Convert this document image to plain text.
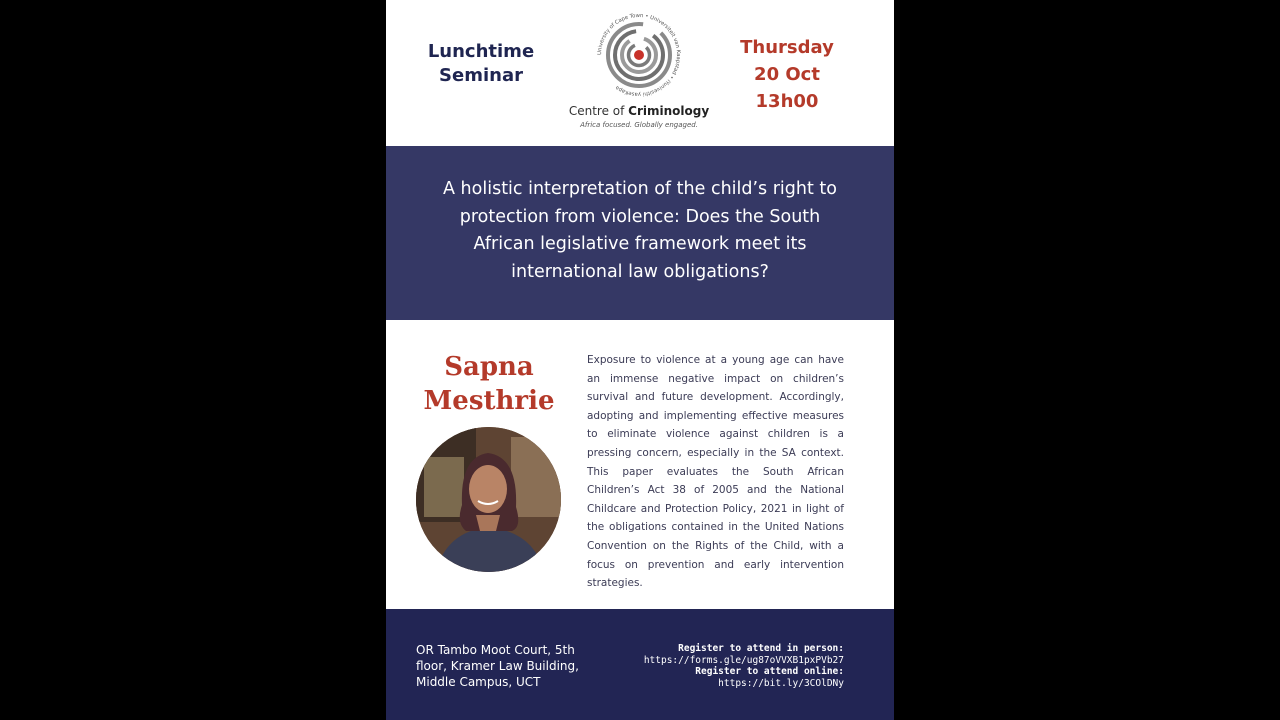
Lunchtime
Seminar
University of Cape Town • Universiteit van Kaapstad • iYunivesithi yaseKapa
Centre of Criminology
Africa focused. Globally engaged.
Thursday
20 Oct
13h00
A holistic interpretation of the child’s right to protection from violence: Does the South African legislative framework meet its international law obligations?
Sapna
Mesthrie
Exposure to violence at a young age can have an immense negative impact on children’s survival and future development. Accordingly, adopting and implementing effective measures to eliminate violence against children is a pressing concern, especially in the SA context. This paper evaluates the South African Children’s Act 38 of 2005 and the National Childcare and Protection Policy, 2021 in light of the obligations contained in the United Nations Convention on the Rights of the Child, with a focus on prevention and early intervention strategies.
OR Tambo Moot Court, 5th floor, Kramer Law Building, Middle Campus, UCT
Register to attend in person:
https://forms.gle/ug87oVVXB1pxPVb27
Register to attend online:
https://bit.ly/3COlDNy
